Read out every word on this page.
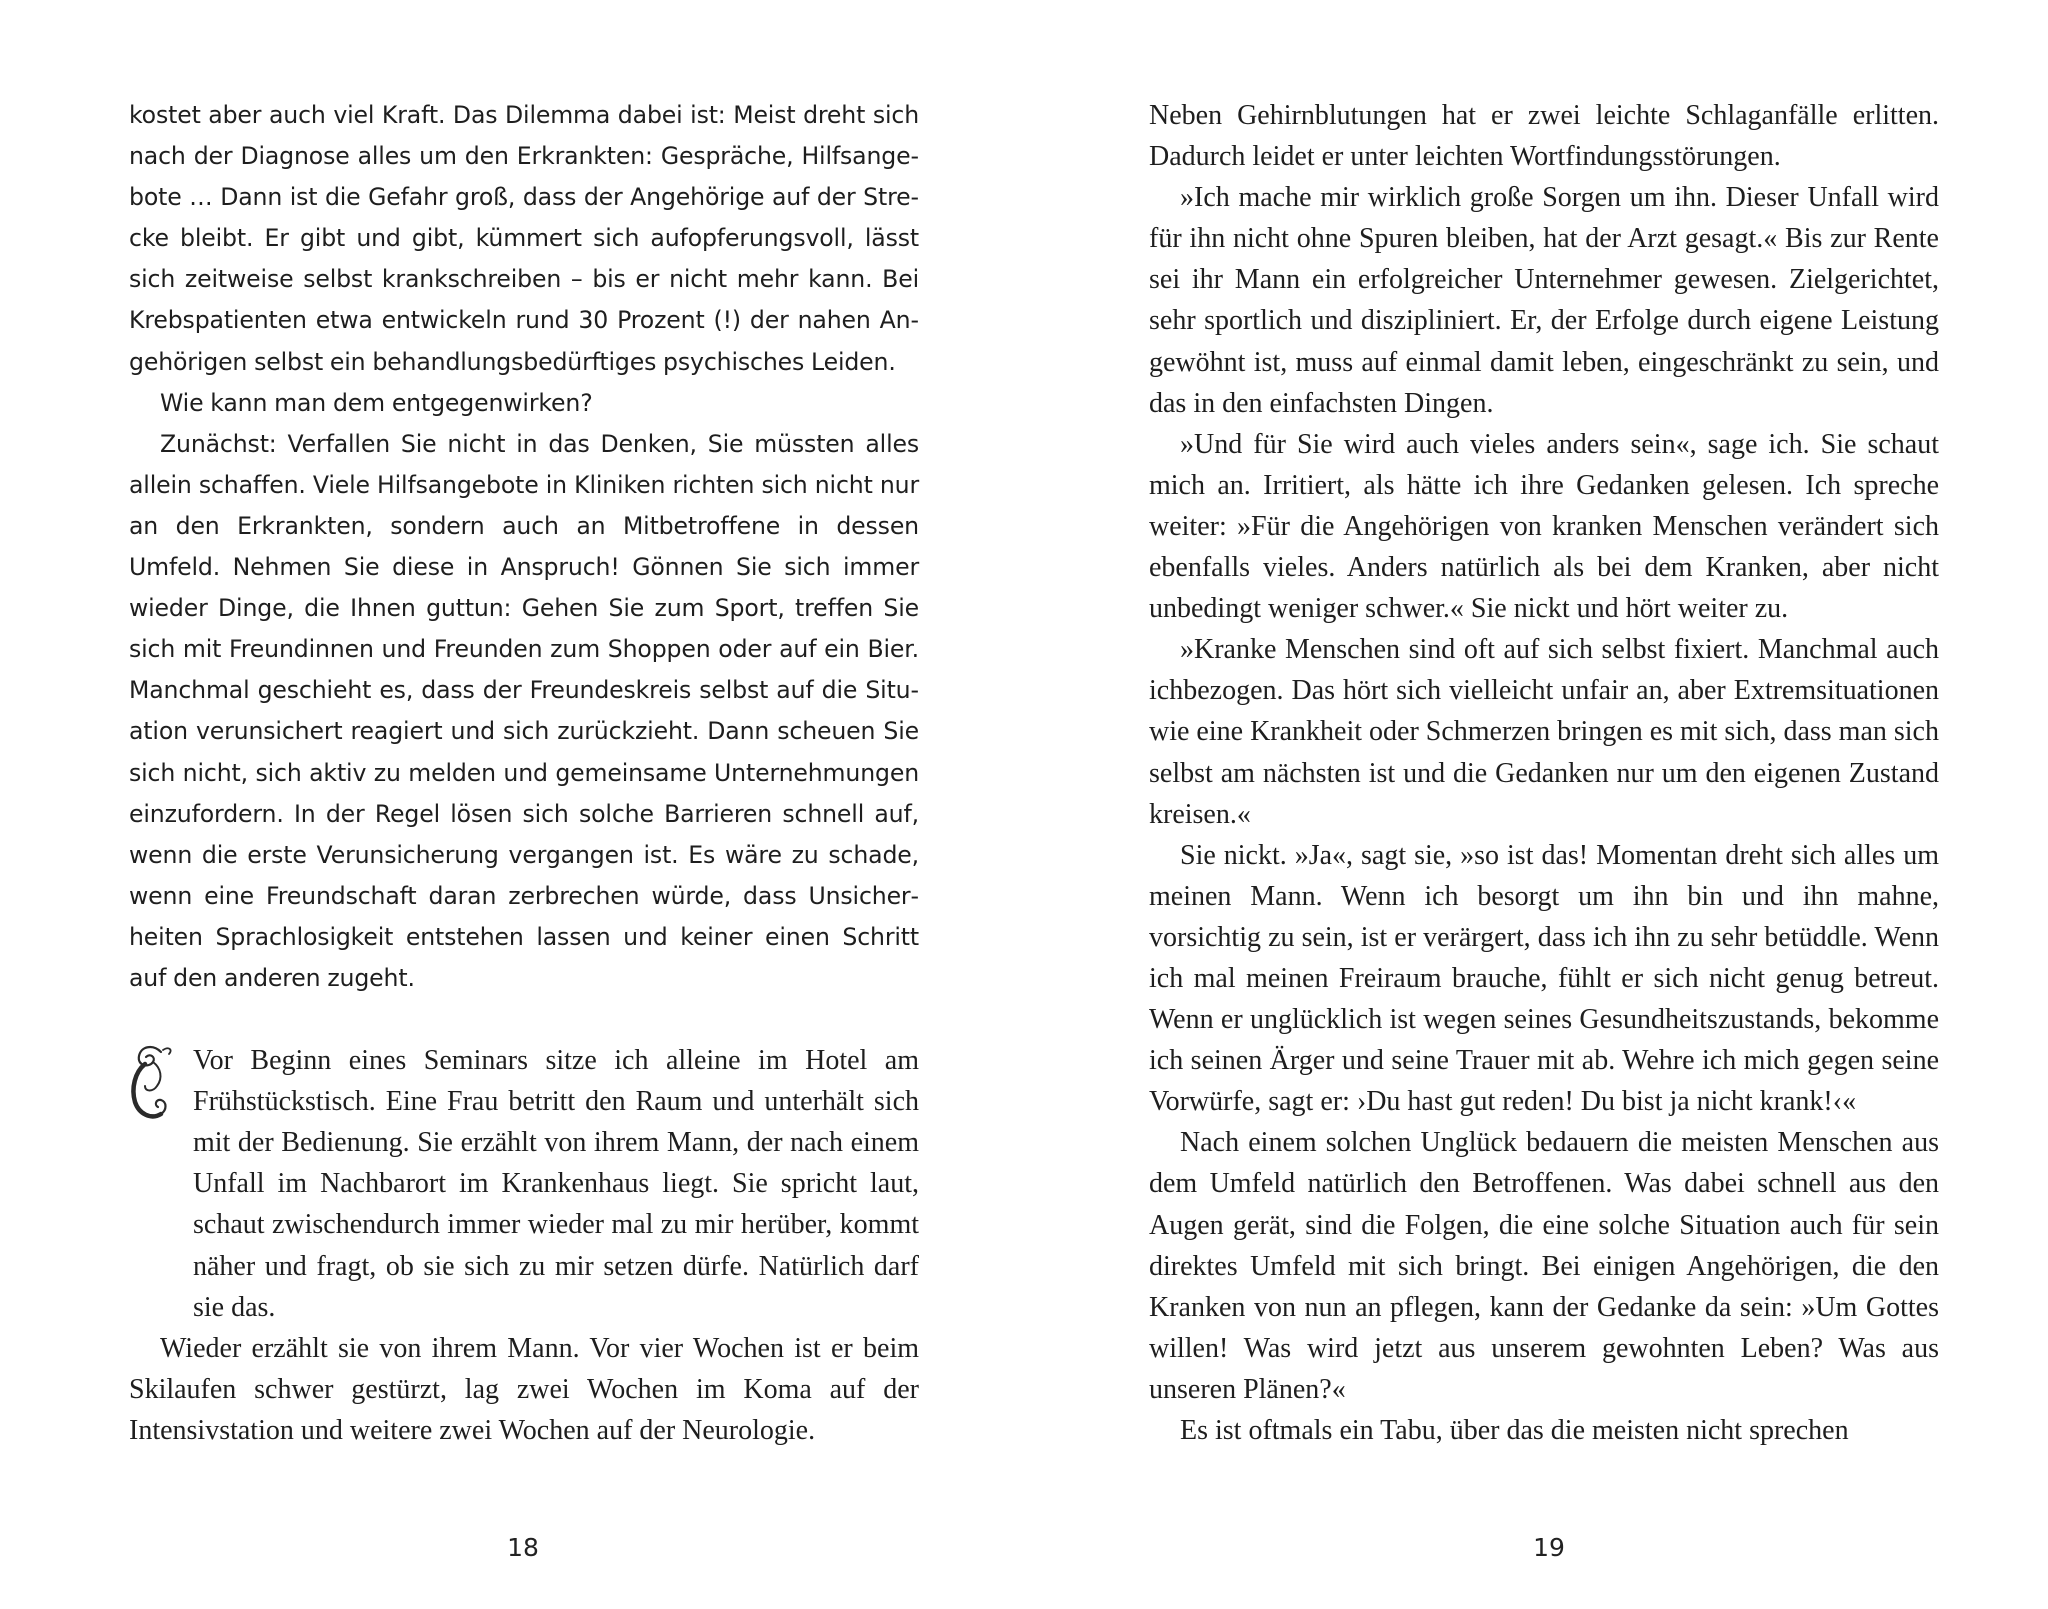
kostet aber auch viel Kraft. Das Dilemma dabei ist: Meist dreht sich nach der Diagnose alles um den Erkrankten: Gespräche, Hilfsangebote … Dann ist die Gefahr groß, dass der Angehörige auf der Strecke bleibt. Er gibt und gibt, kümmert sich aufopferungsvoll, lässt sich zeitweise selbst krankschreiben – bis er nicht mehr kann. Bei Krebspatienten etwa entwickeln rund 30 Prozent (!) der nahen Angehörigen selbst ein behandlungsbedürftiges psychisches Leiden.

Wie kann man dem entgegenwirken?

Zunächst: Verfallen Sie nicht in das Denken, Sie müssten alles allein schaffen. Viele Hilfsangebote in Kliniken richten sich nicht nur an den Erkrankten, sondern auch an Mitbetroffene in dessen Umfeld. Nehmen Sie diese in Anspruch! Gönnen Sie sich immer wieder Dinge, die Ihnen guttun: Gehen Sie zum Sport, treffen Sie sich mit Freundinnen und Freunden zum Shoppen oder auf ein Bier. Manchmal geschieht es, dass der Freundeskreis selbst auf die Situation verunsichert reagiert und sich zurückzieht. Dann scheuen Sie sich nicht, sich aktiv zu melden und gemeinsame Unternehmungen einzufordern. In der Regel lösen sich solche Barrieren schnell auf, wenn die erste Verunsicherung vergangen ist. Es wäre zu schade, wenn eine Freundschaft daran zerbrechen würde, dass Unsicherheiten Sprachlosigkeit entstehen lassen und keiner einen Schritt auf den anderen zugeht.

Vor Beginn eines Seminars sitze ich alleine im Hotel am Frühstückstisch. Eine Frau betritt den Raum und unterhält sich mit der Bedienung. Sie erzählt von ihrem Mann, der nach einem Unfall im Nachbarort im Krankenhaus liegt. Sie spricht laut, schaut zwischendurch immer wieder mal zu mir herüber, kommt näher und fragt, ob sie sich zu mir setzen dürfe. Natürlich darf sie das.

Wieder erzählt sie von ihrem Mann. Vor vier Wochen ist er beim Skilaufen schwer gestürzt, lag zwei Wochen im Koma auf der Intensivstation und weitere zwei Wochen auf der Neurologie.

Neben Gehirnblutungen hat er zwei leichte Schlaganfälle erlitten. Dadurch leidet er unter leichten Wortfindungsstörungen.

»Ich mache mir wirklich große Sorgen um ihn. Dieser Unfall wird für ihn nicht ohne Spuren bleiben, hat der Arzt gesagt.« Bis zur Rente sei ihr Mann ein erfolgreicher Unternehmer gewesen. Zielgerichtet, sehr sportlich und diszipliniert. Er, der Erfolge durch eigene Leistung gewöhnt ist, muss auf einmal damit leben, eingeschränkt zu sein, und das in den einfachsten Dingen.

»Und für Sie wird auch vieles anders sein«, sage ich. Sie schaut mich an. Irritiert, als hätte ich ihre Gedanken gelesen. Ich spreche weiter: »Für die Angehörigen von kranken Menschen verändert sich ebenfalls vieles. Anders natürlich als bei dem Kranken, aber nicht unbedingt weniger schwer.« Sie nickt und hört weiter zu.

»Kranke Menschen sind oft auf sich selbst fixiert. Manchmal auch ichbezogen. Das hört sich vielleicht unfair an, aber Extremsituationen wie eine Krankheit oder Schmerzen bringen es mit sich, dass man sich selbst am nächsten ist und die Gedanken nur um den eigenen Zustand kreisen.«

Sie nickt. »Ja«, sagt sie, »so ist das! Momentan dreht sich alles um meinen Mann. Wenn ich besorgt um ihn bin und ihn mahne, vorsichtig zu sein, ist er verärgert, dass ich ihn zu sehr betüddle. Wenn ich mal meinen Freiraum brauche, fühlt er sich nicht genug betreut. Wenn er unglücklich ist wegen seines Gesundheitszustands, bekomme ich seinen Ärger und seine Trauer mit ab. Wehre ich mich gegen seine Vorwürfe, sagt er: ›Du hast gut reden! Du bist ja nicht krank!‹«

Nach einem solchen Unglück bedauern die meisten Menschen aus dem Umfeld natürlich den Betroffenen. Was dabei schnell aus den Augen gerät, sind die Folgen, die eine solche Situation auch für sein direktes Umfeld mit sich bringt. Bei einigen Angehörigen, die den Kranken von nun an pflegen, kann der Gedanke da sein: »Um Gottes willen! Was wird jetzt aus unserem gewohnten Leben? Was aus unseren Plänen?«

Es ist oftmals ein Tabu, über das die meisten nicht sprechen

18	19
